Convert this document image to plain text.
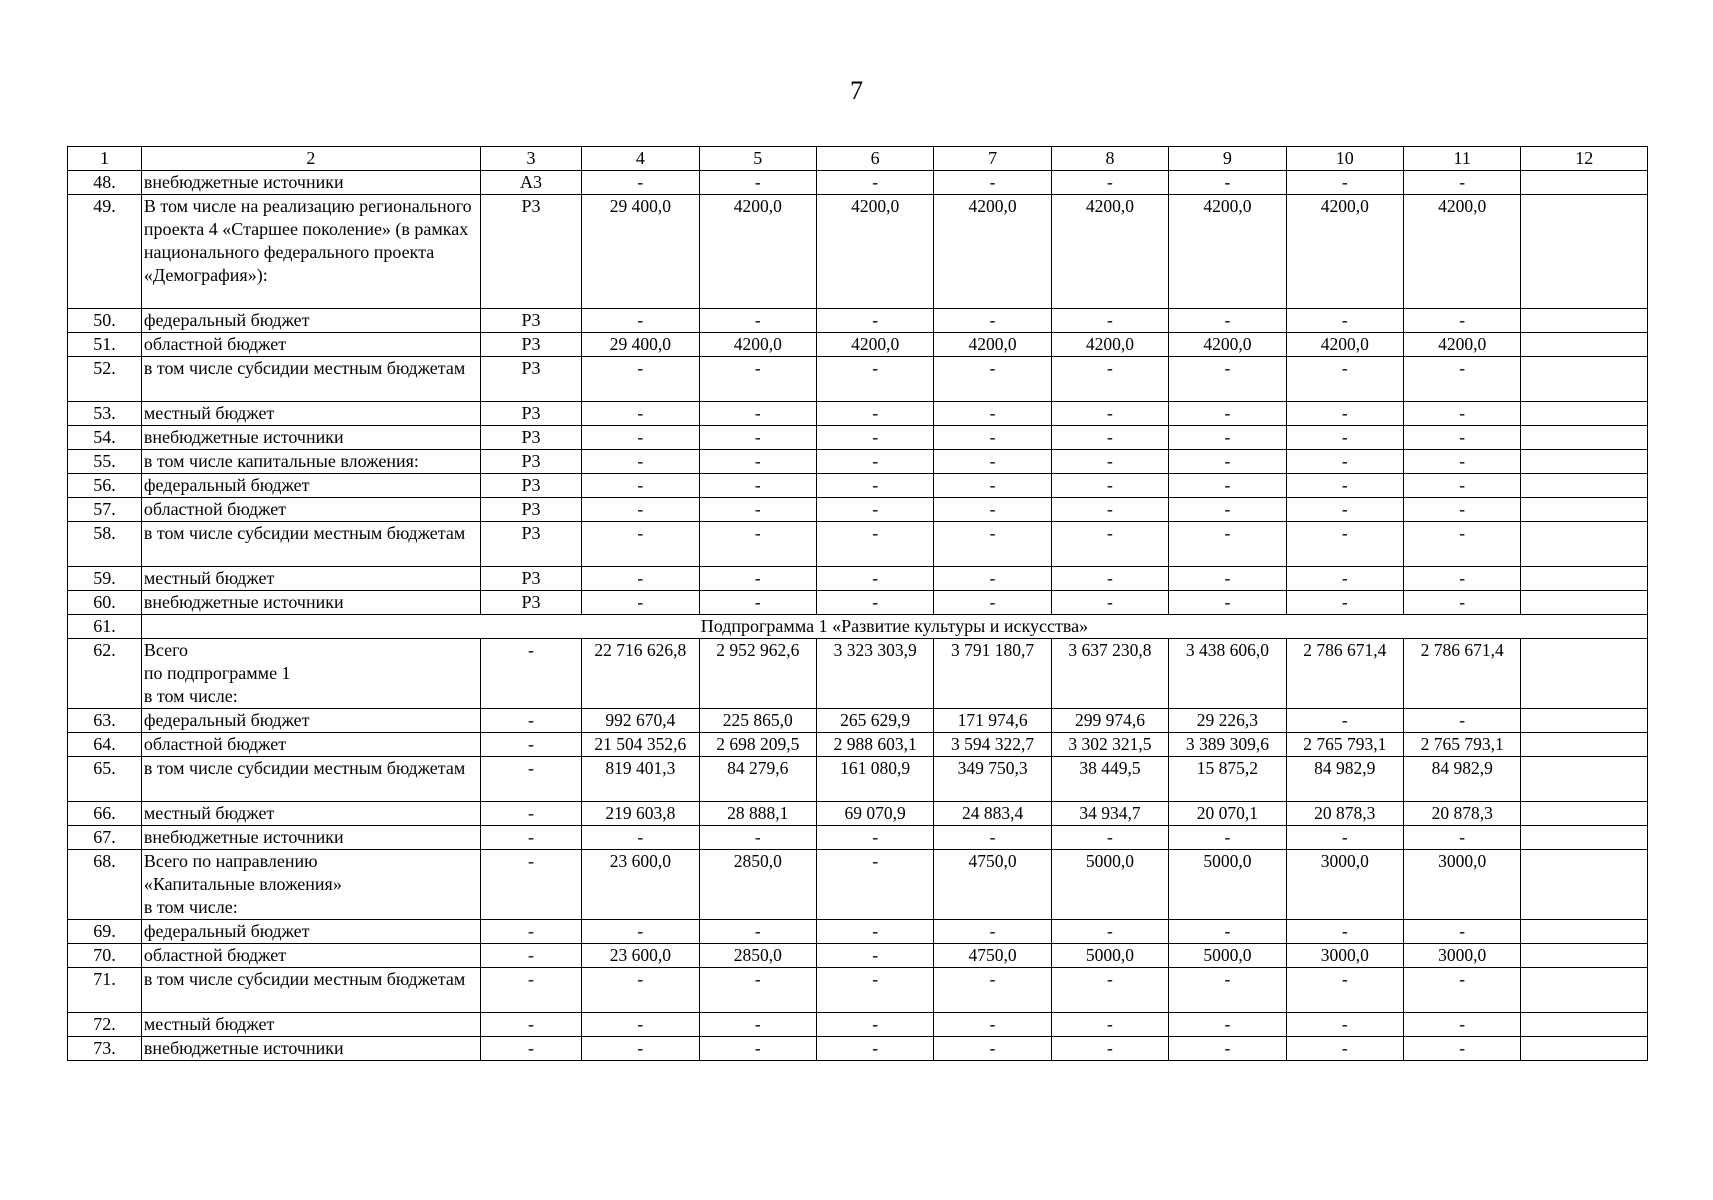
7
1	2	3	4	5	6	7	8	9	10	11	12
48.	внебюджетные источники	А3	-	-	-	-	-	-	-	-	
49.	В том числе на реализацию регионального проекта 4 «Старшее поколение» (в рамках национального федерального проекта «Демография»):	Р3	29 400,0	4200,0	4200,0	4200,0	4200,0	4200,0	4200,0	4200,0	
50.	федеральный бюджет	Р3	-	-	-	-	-	-	-	-	
51.	областной бюджет	Р3	29 400,0	4200,0	4200,0	4200,0	4200,0	4200,0	4200,0	4200,0	
52.	в том числе субсидии местным бюджетам	Р3	-	-	-	-	-	-	-	-	
53.	местный бюджет	Р3	-	-	-	-	-	-	-	-	
54.	внебюджетные источники	Р3	-	-	-	-	-	-	-	-	
55.	в том числе капитальные вложения:	Р3	-	-	-	-	-	-	-	-	
56.	федеральный бюджет	Р3	-	-	-	-	-	-	-	-	
57.	областной бюджет	Р3	-	-	-	-	-	-	-	-	
58.	в том числе субсидии местным бюджетам	Р3	-	-	-	-	-	-	-	-	
59.	местный бюджет	Р3	-	-	-	-	-	-	-	-	
60.	внебюджетные источники	Р3	-	-	-	-	-	-	-	-	
61.	Подпрограмма 1 «Развитие культуры и искусства»										
62.	Всего
по подпрограмме 1
в том числе:	-	22 716 626,8	2 952 962,6	3 323 303,9	3 791 180,7	3 637 230,8	3 438 606,0	2 786 671,4	2 786 671,4	
63.	федеральный бюджет	-	992 670,4	225 865,0	265 629,9	171 974,6	299 974,6	29 226,3	-	-	
64.	областной бюджет	-	21 504 352,6	2 698 209,5	2 988 603,1	3 594 322,7	3 302 321,5	3 389 309,6	2 765 793,1	2 765 793,1	
65.	в том числе субсидии местным бюджетам	-	819 401,3	84 279,6	161 080,9	349 750,3	38 449,5	15 875,2	84 982,9	84 982,9	
66.	местный бюджет	-	219 603,8	28 888,1	69 070,9	24 883,4	34 934,7	20 070,1	20 878,3	20 878,3	
67.	внебюджетные источники	-	-	-	-	-	-	-	-	-	
68.	Всего по направлению
«Капитальные вложения»
в том числе:	-	23 600,0	2850,0	-	4750,0	5000,0	5000,0	3000,0	3000,0	
69.	федеральный бюджет	-	-	-	-	-	-	-	-	-	
70.	областной бюджет	-	23 600,0	2850,0	-	4750,0	5000,0	5000,0	3000,0	3000,0	
71.	в том числе субсидии местным бюджетам	-	-	-	-	-	-	-	-	-	
72.	местный бюджет	-	-	-	-	-	-	-	-	-	
73.	внебюджетные источники	-	-	-	-	-	-	-	-	-	
